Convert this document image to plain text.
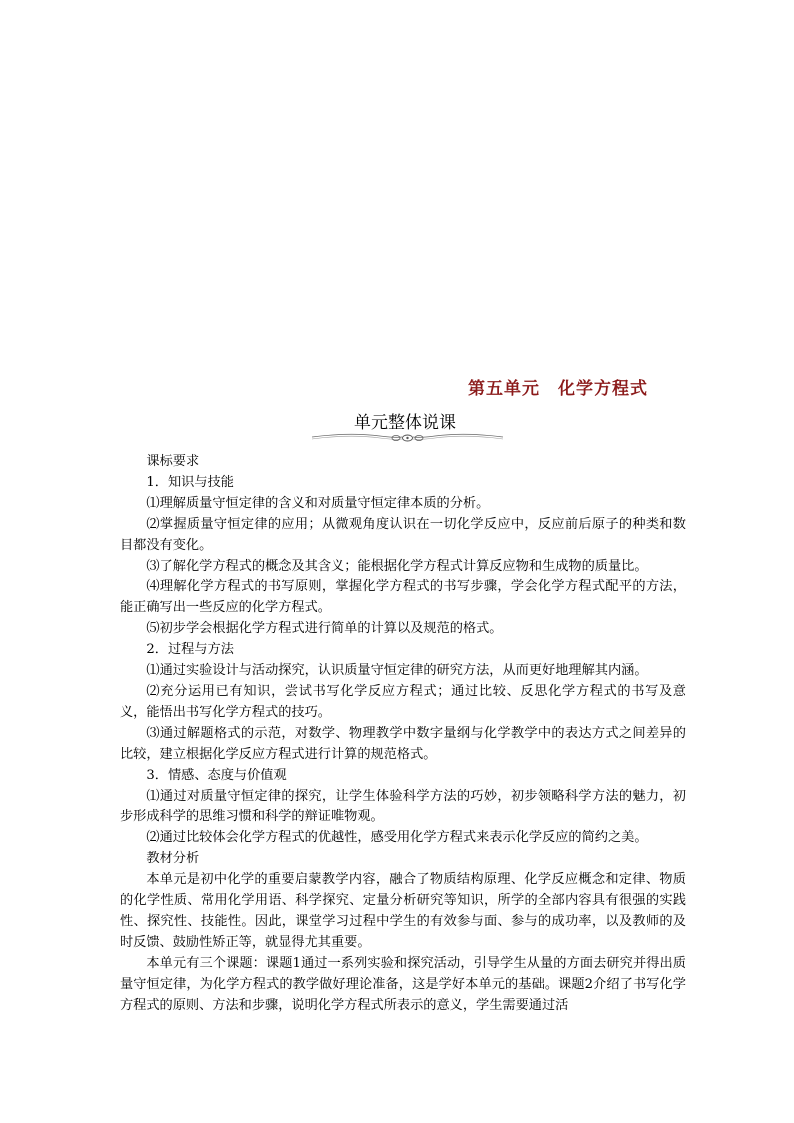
第五单元　化学方程式
单元整体说课

课标要求

1．知识与技能

⑴理解质量守恒定律的含义和对质量守恒定律本质的分析。

⑵掌握质量守恒定律的应用；从微观角度认识在一切化学反应中，反应前后原子的种类和数目都没有变化。

⑶了解化学方程式的概念及其含义；能根据化学方程式计算反应物和生成物的质量比。

⑷理解化学方程式的书写原则，掌握化学方程式的书写步骤，学会化学方程式配平的方法，能正确写出一些反应的化学方程式。

⑸初步学会根据化学方程式进行简单的计算以及规范的格式。

2．过程与方法

⑴通过实验设计与活动探究，认识质量守恒定律的研究方法，从而更好地理解其内涵。

⑵充分运用已有知识，尝试书写化学反应方程式；通过比较、反思化学方程式的书写及意义，能悟出书写化学方程式的技巧。

⑶通过解题格式的示范，对数学、物理教学中数字量纲与化学教学中的表达方式之间差异的比较，建立根据化学反应方程式进行计算的规范格式。

3．情感、态度与价值观

⑴通过对质量守恒定律的探究，让学生体验科学方法的巧妙，初步领略科学方法的魅力，初步形成科学的思维习惯和科学的辩证唯物观。

⑵通过比较体会化学方程式的优越性，感受用化学方程式来表示化学反应的简约之美。

教材分析

本单元是初中化学的重要启蒙教学内容，融合了物质结构原理、化学反应概念和定律、物质的化学性质、常用化学用语、科学探究、定量分析研究等知识，所学的全部内容具有很强的实践性、探究性、技能性。因此，课堂学习过程中学生的有效参与面、参与的成功率，以及教师的及时反馈、鼓励性矫正等，就显得尤其重要。

本单元有三个课题：课题1通过一系列实验和探究活动，引导学生从量的方面去研究并得出质量守恒定律，为化学方程式的教学做好理论准备，这是学好本单元的基础。课题2介绍了书写化学方程式的原则、方法和步骤，说明化学方程式所表示的意义，学生需要通过活
